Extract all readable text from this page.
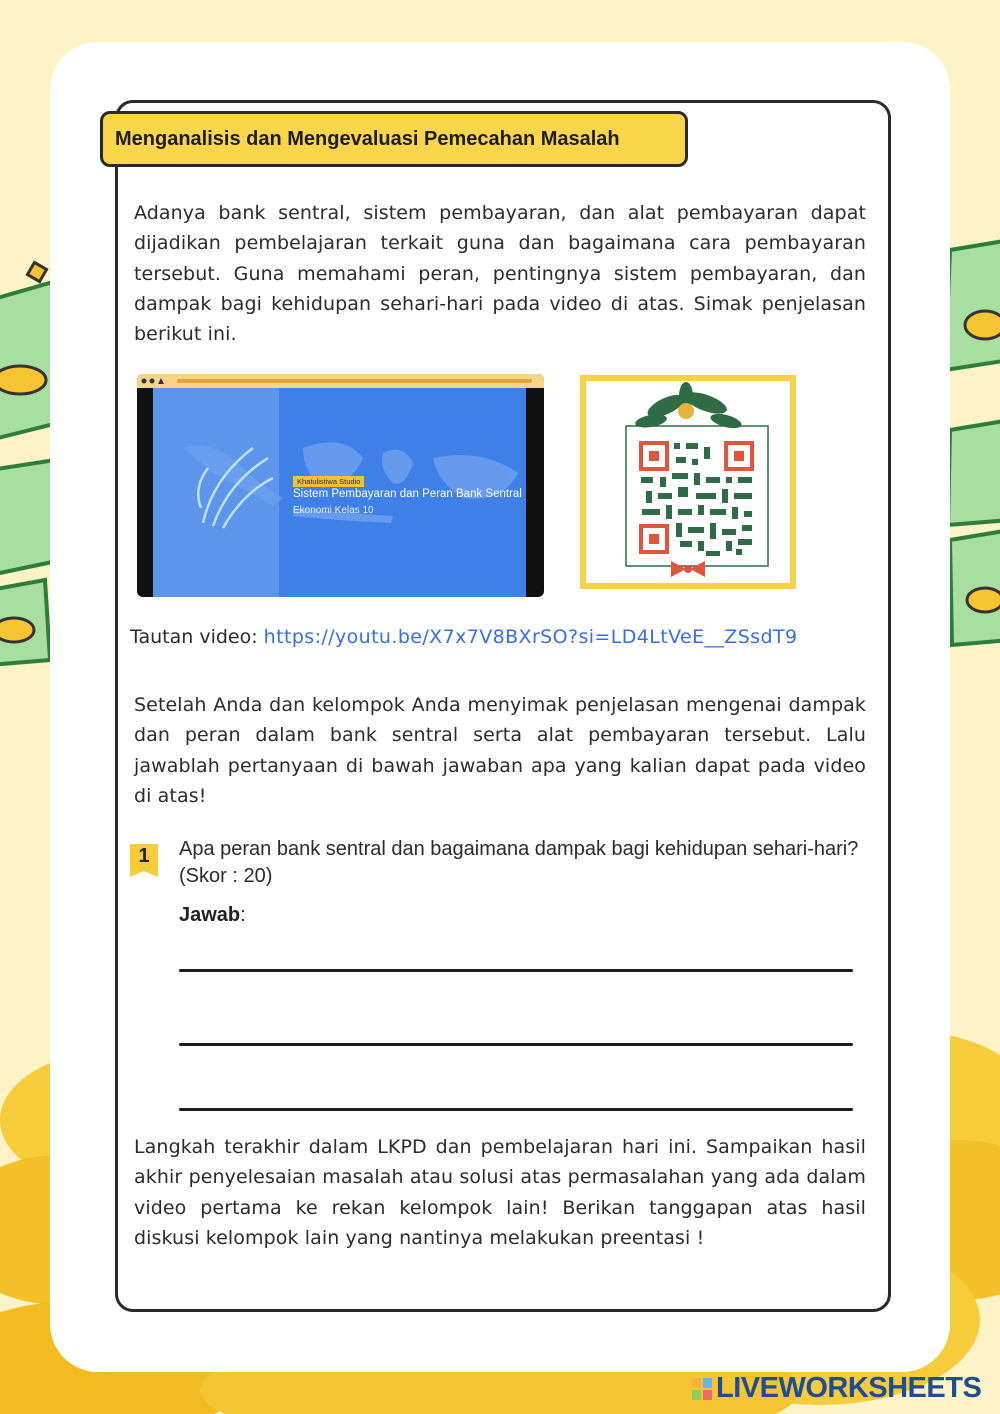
Menganalisis dan Mengevaluasi Pemecahan Masalah

Adanya bank sentral, sistem pembayaran, dan alat pembayaran dapat dijadikan pembelajaran terkait guna dan bagaimana cara pembayaran tersebut. Guna memahami peran, pentingnya sistem pembayaran, dan dampak bagi kehidupan sehari-hari pada video di atas. Simak penjelasan berikut ini.

Khatulistiwa Studio
Sistem Pembayaran dan Peran Bank Sentral
Ekonomi Kelas 10
Tautan video: https://youtu.be/X7x7V8BXrSO?si=LD4LtVeE__ZSsdT9

Setelah Anda dan kelompok Anda menyimak penjelasan mengenai dampak dan peran dalam bank sentral serta alat pembayaran tersebut. Lalu jawablah pertanyaan di bawah jawaban apa yang kalian dapat pada video di atas!

1	Apa peran bank sentral dan bagaimana dampak bagi kehidupan sehari-hari? (Skor : 20)
Jawab:

Langkah terakhir dalam LKPD dan pembelajaran hari ini. Sampaikan hasil akhir penyelesaian masalah atau solusi atas permasalahan yang ada dalam video pertama ke rekan kelompok lain! Berikan tanggapan atas hasil diskusi kelompok lain yang nantinya melakukan preentasi !

LIVEWORKSHEETS
